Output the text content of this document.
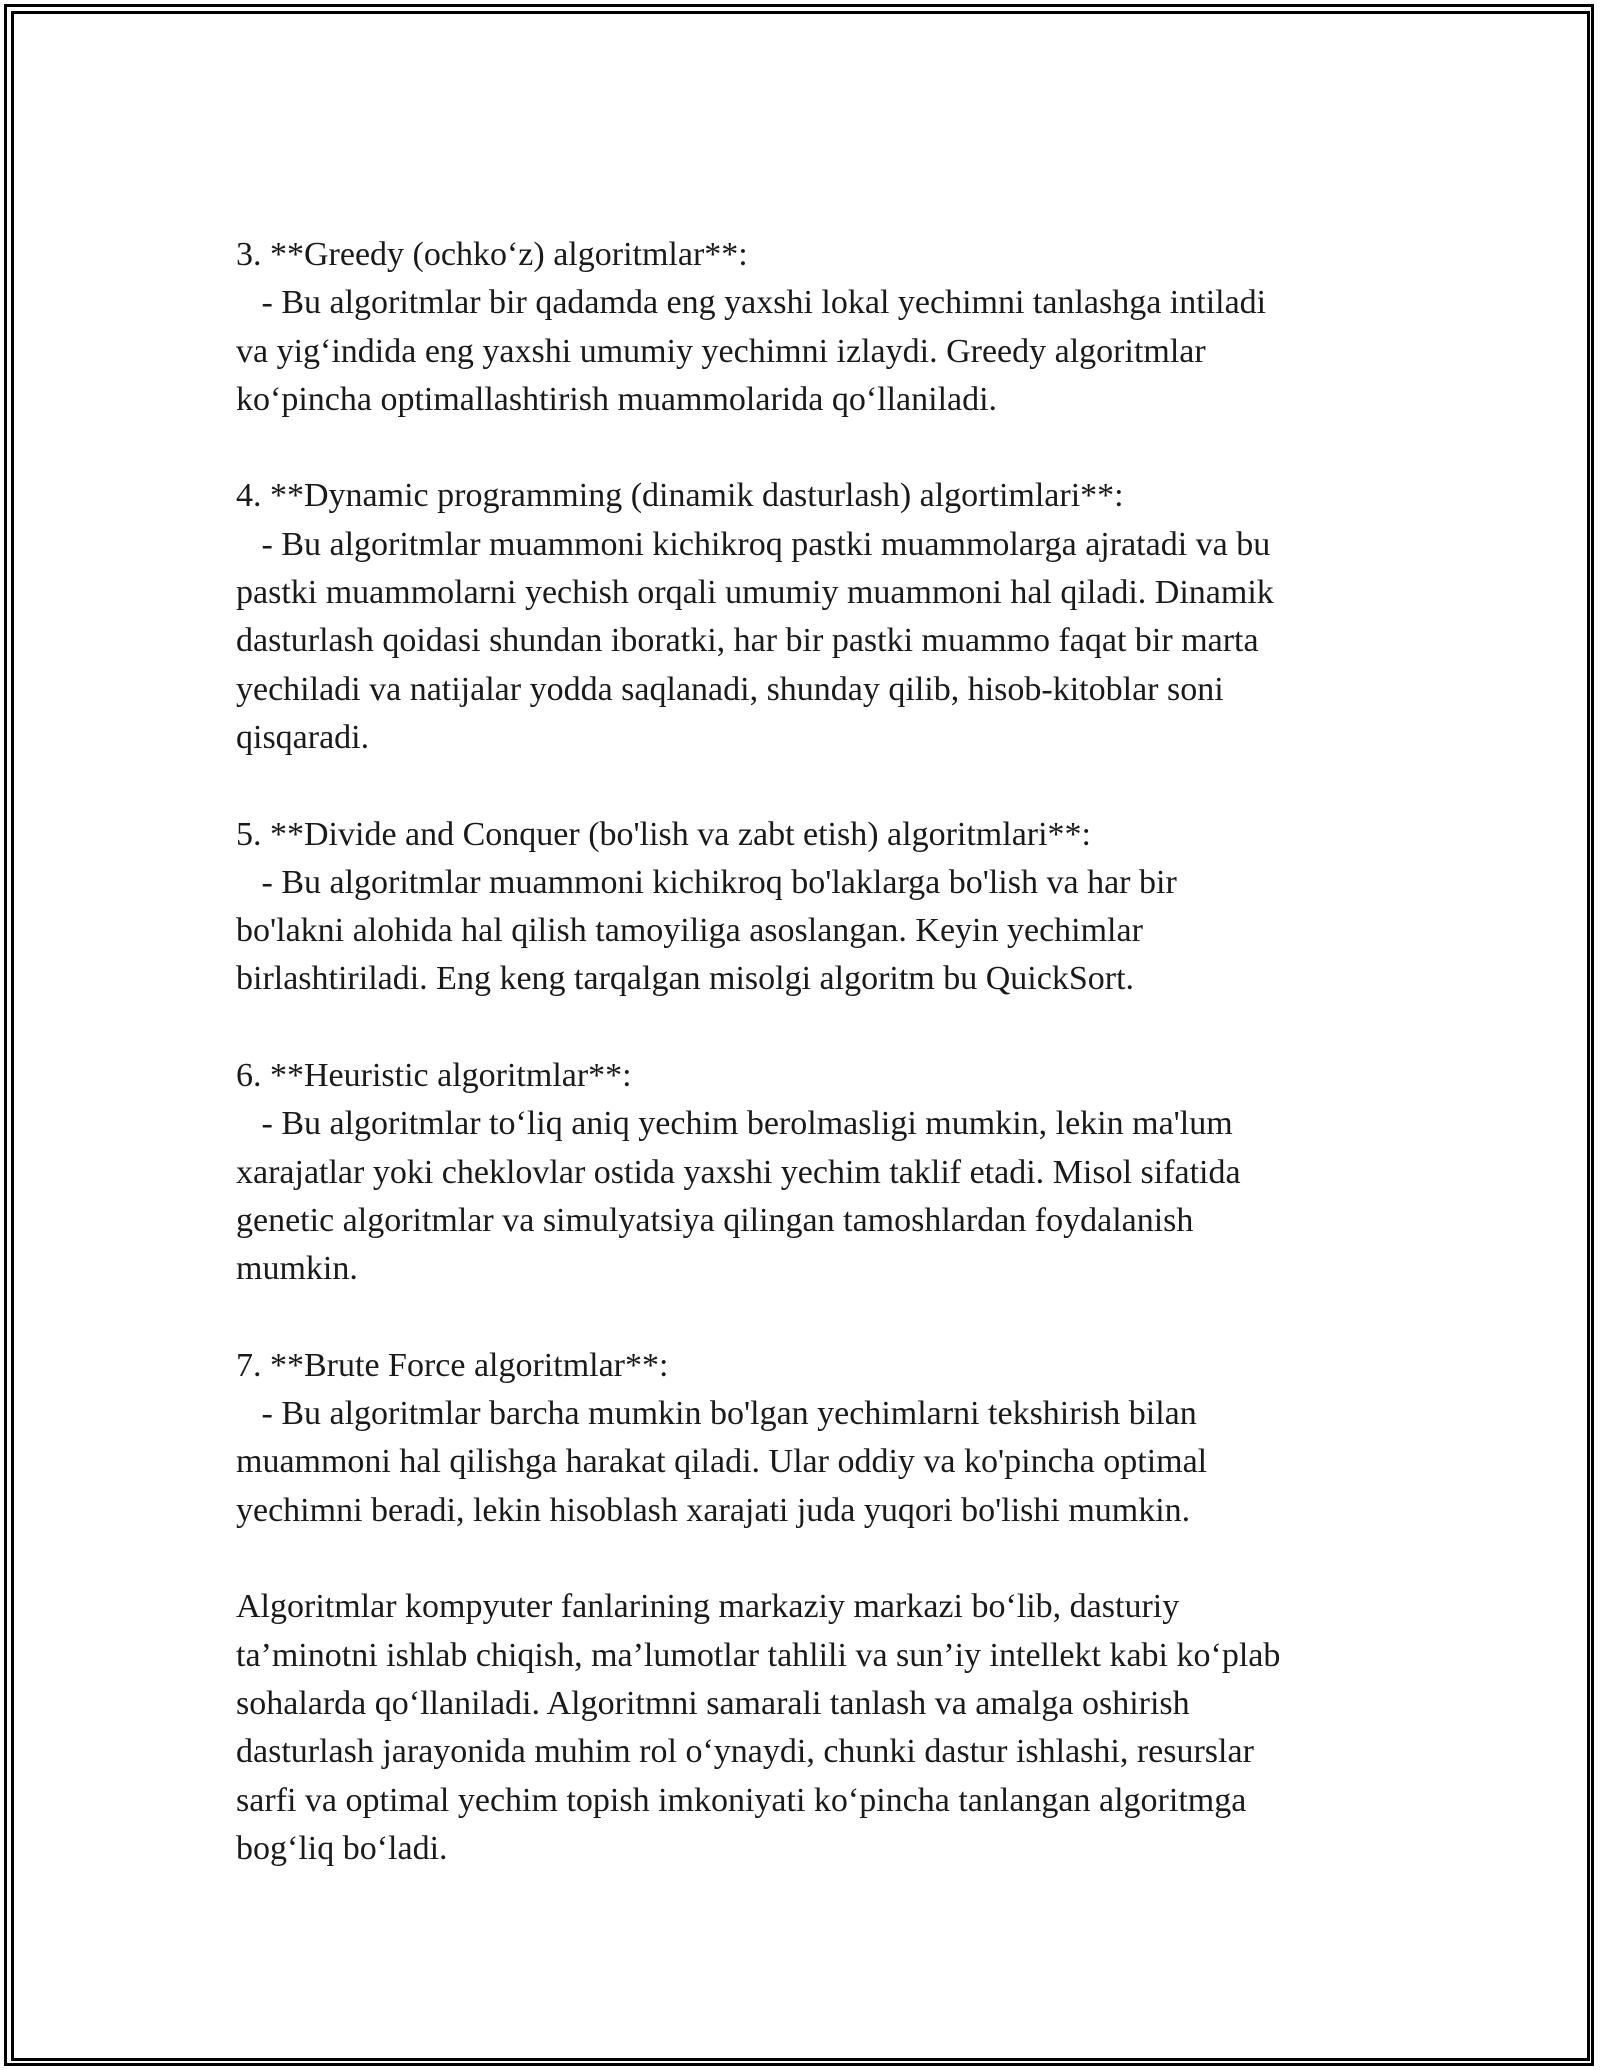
3. **Greedy (ochko‘z) algoritmlar**:
- Bu algoritmlar bir qadamda eng yaxshi lokal yechimni tanlashga intiladi
va yig‘indida eng yaxshi umumiy yechimni izlaydi. Greedy algoritmlar
ko‘pincha optimallashtirish muammolarida qo‘llaniladi.
4. **Dynamic programming (dinamik dasturlash) algortimlari**:
- Bu algoritmlar muammoni kichikroq pastki muammolarga ajratadi va bu
pastki muammolarni yechish orqali umumiy muammoni hal qiladi. Dinamik
dasturlash qoidasi shundan iboratki, har bir pastki muammo faqat bir marta
yechiladi va natijalar yodda saqlanadi, shunday qilib, hisob-kitoblar soni
qisqaradi.
5. **Divide and Conquer (bo'lish va zabt etish) algoritmlari**:
- Bu algoritmlar muammoni kichikroq bo'laklarga bo'lish va har bir
bo'lakni alohida hal qilish tamoyiliga asoslangan. Keyin yechimlar
birlashtiriladi. Eng keng tarqalgan misolgi algoritm bu QuickSort.
6. **Heuristic algoritmlar**:
- Bu algoritmlar to‘liq aniq yechim berolmasligi mumkin, lekin ma'lum
xarajatlar yoki cheklovlar ostida yaxshi yechim taklif etadi. Misol sifatida
genetic algoritmlar va simulyatsiya qilingan tamoshlardan foydalanish
mumkin.
7. **Brute Force algoritmlar**:
- Bu algoritmlar barcha mumkin bo'lgan yechimlarni tekshirish bilan
muammoni hal qilishga harakat qiladi. Ular oddiy va ko'pincha optimal
yechimni beradi, lekin hisoblash xarajati juda yuqori bo'lishi mumkin.
Algoritmlar kompyuter fanlarining markaziy markazi bo‘lib, dasturiy
ta’minotni ishlab chiqish, ma’lumotlar tahlili va sun’iy intellekt kabi ko‘plab
sohalarda qo‘llaniladi. Algoritmni samarali tanlash va amalga oshirish
dasturlash jarayonida muhim rol o‘ynaydi, chunki dastur ishlashi, resurslar
sarfi va optimal yechim topish imkoniyati ko‘pincha tanlangan algoritmga
bog‘liq bo‘ladi.
